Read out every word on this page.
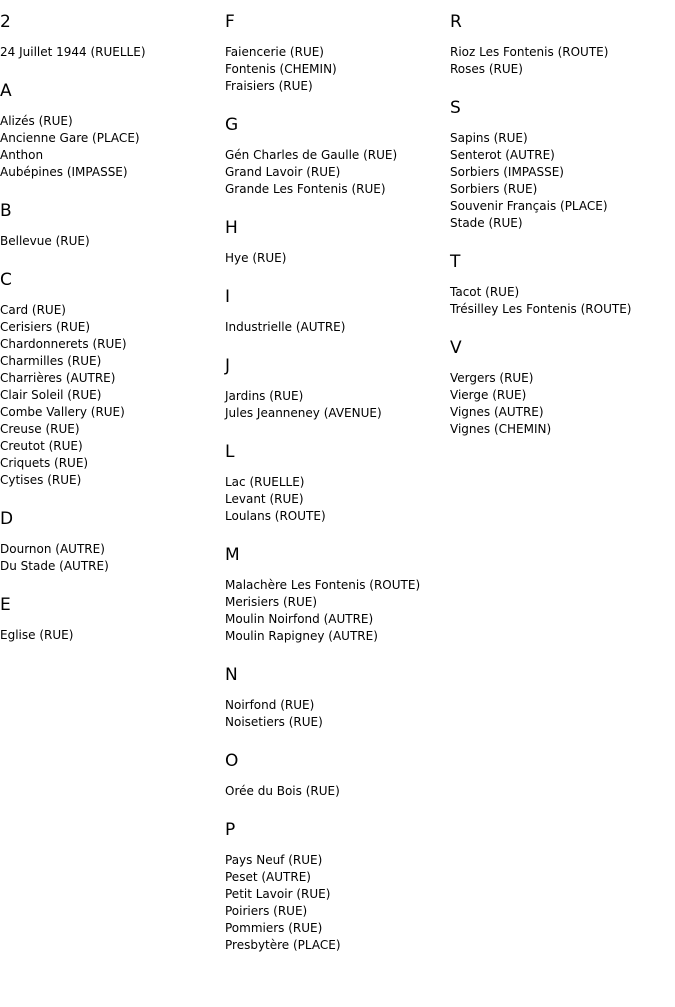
2
24 Juillet 1944 (RUELLE)
A
Alizés (RUE)
Ancienne Gare (PLACE)
Anthon
Aubépines (IMPASSE)
B
Bellevue (RUE)
C
Card (RUE)
Cerisiers (RUE)
Chardonnerets (RUE)
Charmilles (RUE)
Charrières (AUTRE)
Clair Soleil (RUE)
Combe Vallery (RUE)
Creuse (RUE)
Creutot (RUE)
Criquets (RUE)
Cytises (RUE)
D
Dournon (AUTRE)
Du Stade (AUTRE)
E
Eglise (RUE)
F
Faiencerie (RUE)
Fontenis (CHEMIN)
Fraisiers (RUE)
G
Gén Charles de Gaulle (RUE)
Grand Lavoir (RUE)
Grande Les Fontenis (RUE)
H
Hye (RUE)
I
Industrielle (AUTRE)
J
Jardins (RUE)
Jules Jeanneney (AVENUE)
L
Lac (RUELLE)
Levant (RUE)
Loulans (ROUTE)
M
Malachère Les Fontenis (ROUTE)
Merisiers (RUE)
Moulin Noirfond (AUTRE)
Moulin Rapigney (AUTRE)
N
Noirfond (RUE)
Noisetiers (RUE)
O
Orée du Bois (RUE)
P
Pays Neuf (RUE)
Peset (AUTRE)
Petit Lavoir (RUE)
Poiriers (RUE)
Pommiers (RUE)
Presbytère (PLACE)
R
Rioz Les Fontenis (ROUTE)
Roses (RUE)
S
Sapins (RUE)
Senterot (AUTRE)
Sorbiers (IMPASSE)
Sorbiers (RUE)
Souvenir Français (PLACE)
Stade (RUE)
T
Tacot (RUE)
Trésilley Les Fontenis (ROUTE)
V
Vergers (RUE)
Vierge (RUE)
Vignes (AUTRE)
Vignes (CHEMIN)
